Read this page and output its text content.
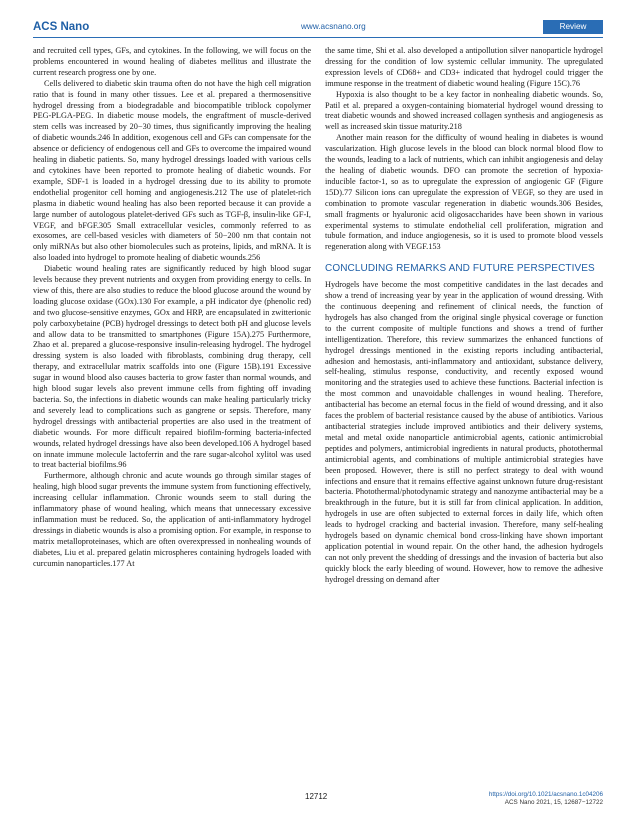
ACS Nano	www.acsnano.org	Review

and recruited cell types, GFs, and cytokines. In the following, we will focus on the problems encountered in wound healing of diabetes mellitus and illustrate the current research progress one by one.

Cells delivered to diabetic skin trauma often do not have the high cell migration ratio that is found in many other tissues. Lee et al. prepared a thermosensitive hydrogel dressing from a biodegradable and biocompatible triblock copolymer PEG-PLGA-PEG. In diabetic mouse models, the engraftment of muscle-derived stem cells was increased by 20−30 times, thus significantly improving the healing of diabetic wounds.246 In addition, exogenous cell and GFs can compensate for the absence or deficiency of endogenous cell and GFs to overcome the impaired wound healing in diabetic patients. So, many hydrogel dressings loaded with various cells and cytokines have been reported to promote healing of diabetic wounds. For example, SDF-1 is loaded in a hydrogel dressing due to its ability to promote endothelial progenitor cell homing and angiogenesis.212 The use of platelet-rich plasma in diabetic wound healing has also been reported because it can provide a large number of autologous platelet-derived GFs such as TGF-β, insulin-like GF-I, VEGF, and bFGF.305 Small extracellular vesicles, commonly referred to as exosomes, are cell-based vesicles with diameters of 50−200 nm that contain not only miRNAs but also other biomolecules such as proteins, lipids, and mRNA. It is also loaded into hydrogel to promote healing of diabetic wounds.256

Diabetic wound healing rates are significantly reduced by high blood sugar levels because they prevent nutrients and oxygen from providing energy to cells. In view of this, there are also studies to reduce the blood glucose around the wound by loading glucose oxidase (GOx).130 For example, a pH indicator dye (phenolic red) and two glucose-sensitive enzymes, GOx and HRP, are encapsulated in zwitterionic poly carboxybetaine (PCB) hydrogel dressings to detect both pH and glucose levels and allow data to be transmitted to smartphones (Figure 15A).275 Furthermore, Zhao et al. prepared a glucose-responsive insulin-releasing hydrogel. The hydrogel dressing system is also loaded with fibroblasts, combining drug therapy, cell therapy, and extracellular matrix scaffolds into one (Figure 15B).191 Excessive sugar in wound blood also causes bacteria to grow faster than normal wounds, and high blood sugar levels also prevent immune cells from fighting off invading bacteria. So, the infections in diabetic wounds can make healing particularly tricky and severely lead to complications such as gangrene or sepsis. Therefore, many hydrogel dressings with antibacterial properties are also used in the treatment of diabetic wounds. For more difficult repaired biofilm-forming bacteria-infected wounds, related hydrogel dressings have also been developed.106 A hydrogel based on innate immune molecule lactoferrin and the rare sugar-alcohol xylitol was used to treat bacterial biofilms.96

Furthermore, although chronic and acute wounds go through similar stages of healing, high blood sugar prevents the immune system from functioning effectively, increasing cellular inflammation. Chronic wounds seem to stall during the inflammatory phase of wound healing, which means that unnecessary excessive inflammation must be reduced. So, the application of anti-inflammatory hydrogel dressings in diabetic wounds is also a promising option. For example, in response to matrix metalloproteinases, which are often overexpressed in nonhealing wounds of diabetes, Liu et al. prepared gelatin microspheres containing hydrogels loaded with curcumin nanoparticles.177 At

the same time, Shi et al. also developed a antipollution silver nanoparticle hydrogel dressing for the condition of low systemic cellular immunity. The upregulated expression levels of CD68+ and CD3+ indicated that hydrogel could trigger the immune response in the treatment of diabetic wound healing (Figure 15C).76

Hypoxia is also thought to be a key factor in nonhealing diabetic wounds. So, Patil et al. prepared a oxygen-containing biomaterial hydrogel wound dressing to treat diabetic wounds and showed increased collagen synthesis and angiogenesis as well as increased skin tissue maturity.218

Another main reason for the difficulty of wound healing in diabetes is wound vascularization. High glucose levels in the blood can block normal blood flow to the wounds, leading to a lack of nutrients, which can inhibit angiogenesis and delay the healing of diabetic wounds. DFO can promote the secretion of hypoxia-inducible factor-1, so as to upregulate the expression of angiogenic GF (Figure 15D).77 Silicon ions can upregulate the expression of VEGF, so they are used in combination to promote vascular regeneration in diabetic wounds.306 Besides, small fragments or hyaluronic acid oligosaccharides have been shown in various experimental systems to stimulate endothelial cell proliferation, migration and tubule formation, and induce angiogenesis, so it is used to promote blood vessels regeneration along with VEGF.153

CONCLUDING REMARKS AND FUTURE PERSPECTIVES

Hydrogels have become the most competitive candidates in the last decades and show a trend of increasing year by year in the application of wound dressing. With the continuous deepening and refinement of clinical needs, the function of hydrogels has also changed from the original single physical coverage or function to the current composite of multiple functions and shows a trend of further intelligentization. Therefore, this review summarizes the enhanced functions of hydrogel dressings mentioned in the existing reports including antibacterial, adhesion and hemostasis, anti-inflammatory and antioxidant, substance delivery, self-healing, stimulus response, conductivity, and recently exposed wound monitoring and the strategies used to achieve these functions. Bacterial infection is the most common and unavoidable challenges in wound healing. Therefore, antibacterial has become an eternal focus in the field of wound dressing, and it also faces the problem of bacterial resistance caused by the abuse of antibiotics. Various antibacterial strategies include improved antibiotics and their delivery systems, metal and metal oxide nanoparticle antimicrobial agents, cationic antimicrobial peptides and polymers, antimicrobial ingredients in natural products, photothermal antimicrobial agents, and combinations of multiple antimicrobial strategies have been proposed. However, there is still no perfect strategy to deal with wound infections and ensure that it remains effective against unknown future drug-resistant bacteria. Photothermal/photodynamic strategy and nanozyme antibacterial may be a breakthrough in the future, but it is still far from clinical application. In addition, hydrogels in use are often subjected to external forces in daily life, which often leads to hydrogel cracking and bacterial invasion. Therefore, many self-healing hydrogels based on dynamic chemical bond cross-linking have shown important application potential in wound repair. On the other hand, the adhesion hydrogels can not only prevent the shedding of dressings and the invasion of bacteria but also quickly block the early bleeding of wound. However, how to remove the adhesive hydrogel dressing on demand after

12712	https://doi.org/10.1021/acsnano.1c04206
ACS Nano 2021, 15, 12687−12722
